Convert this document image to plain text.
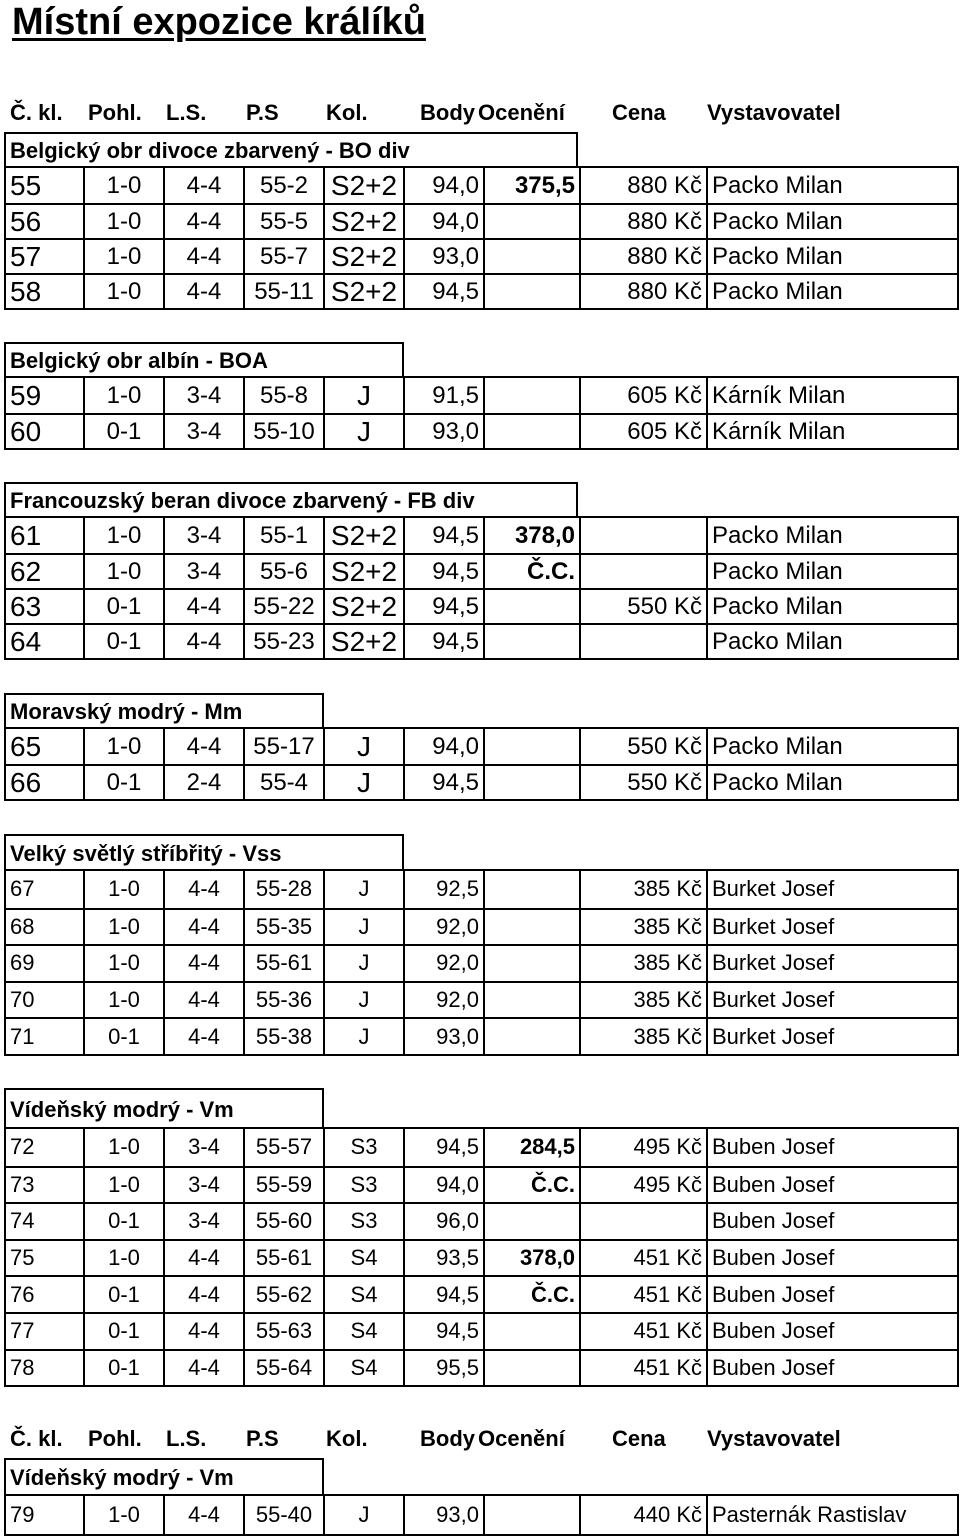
Místní expozice králíků
Č. kl. Pohl. L.S. P.S Kol. Body Ocenění Cena Vystavovatel
Belgický obr divoce zbarvený - BO div
55	1-0	4-4	55-2 S2+2	94,0	375,5	880 Kč Packo Milan
56	1-0	4-4	55-5 S2+2	94,0	880 Kč Packo Milan
57	1-0	4-4	55-7 S2+2	93,0	880 Kč Packo Milan
58	1-0	4-4	55-11 S2+2	94,5	880 Kč Packo Milan
Belgický obr albín - BOA
59	1-0	3-4	55-8	J	91,5	605 Kč Kárník Milan
60	0-1	3-4	55-10	J	93,0	605 Kč Kárník Milan
Francouzský beran divoce zbarvený - FB div
61	1-0	3-4	55-1 S2+2	94,5	378,0	Packo Milan
62	1-0	3-4	55-6 S2+2	94,5	Č.C.	Packo Milan
63	0-1	4-4	55-22 S2+2	94,5	550 Kč Packo Milan
64	0-1	4-4	55-23 S2+2	94,5	Packo Milan
Moravský modrý - Mm
65	1-0	4-4	55-17	J	94,0	550 Kč Packo Milan
66	0-1	2-4	55-4	J	94,5	550 Kč Packo Milan
Velký světlý stříbřitý - Vss
67	1-0	4-4	55-28	J	92,5	385 Kč Burket Josef
68	1-0	4-4	55-35	J	92,0	385 Kč Burket Josef
69	1-0	4-4	55-61	J	92,0	385 Kč Burket Josef
70	1-0	4-4	55-36	J	92,0	385 Kč Burket Josef
71	0-1	4-4	55-38	J	93,0	385 Kč Burket Josef
Vídeňský modrý - Vm
72	1-0	3-4	55-57	S3	94,5	284,5	495 Kč Buben Josef
73	1-0	3-4	55-59	S3	94,0	Č.C.	495 Kč Buben Josef
74	0-1	3-4	55-60	S3	96,0	Buben Josef
75	1-0	4-4	55-61	S4	93,5	378,0	451 Kč Buben Josef
76	0-1	4-4	55-62	S4	94,5	Č.C.	451 Kč Buben Josef
77	0-1	4-4	55-63	S4	94,5	451 Kč Buben Josef
78	0-1	4-4	55-64	S4	95,5	451 Kč Buben Josef
Č. kl. Pohl. L.S. P.S Kol. Body Ocenění Cena Vystavovatel
Vídeňský modrý - Vm
79	1-0	4-4	55-40	J	93,0	440 Kč Pasternák Rastislav
